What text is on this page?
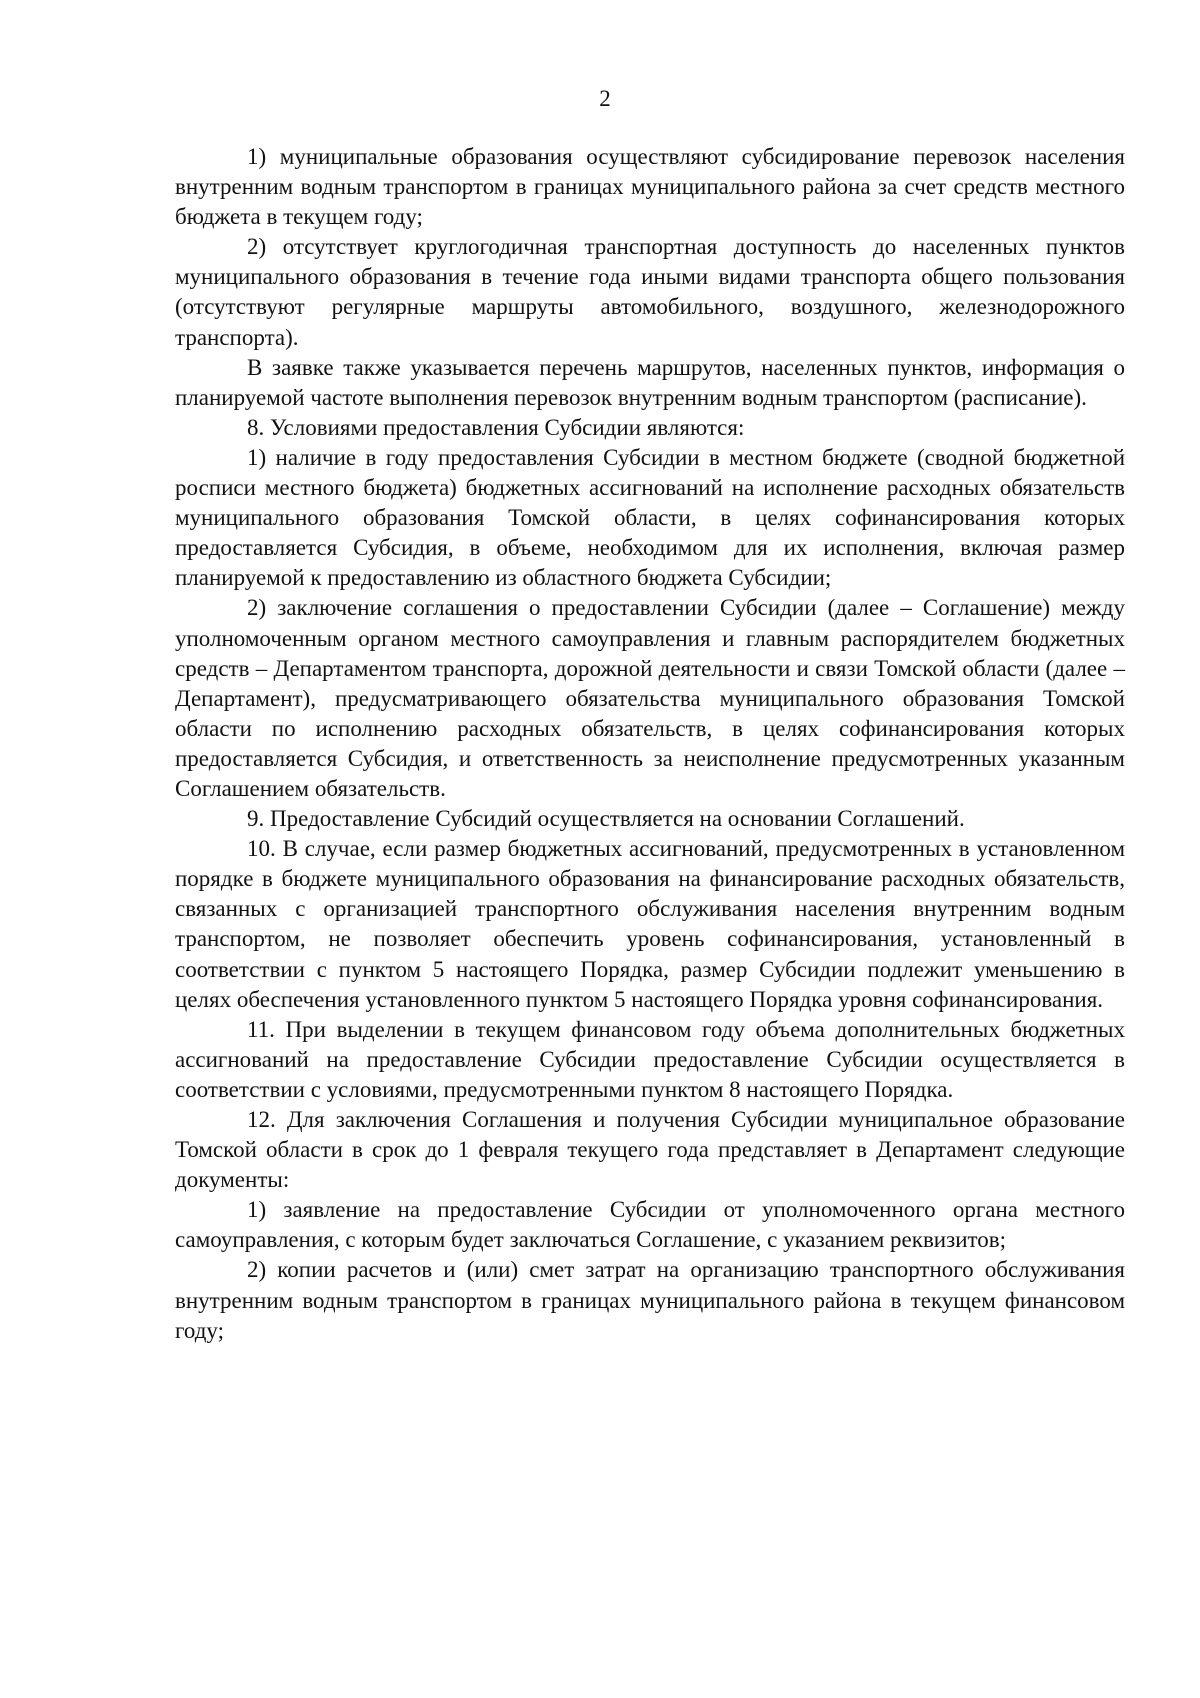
2

1) муниципальные образования осуществляют субсидирование перевозок населения внутренним водным транспортом в границах муниципального района за счет средств местного бюджета в текущем году;

2) отсутствует круглогодичная транспортная доступность до населенных пунктов муниципального образования в течение года иными видами транспорта общего пользования (отсутствуют регулярные маршруты автомобильного, воздушного, железнодорожного транспорта).

В заявке также указывается перечень маршрутов, населенных пунктов, информация о планируемой частоте выполнения перевозок внутренним водным транспортом (расписание).

8. Условиями предоставления Субсидии являются:

1) наличие в году предоставления Субсидии в местном бюджете (сводной бюджетной росписи местного бюджета) бюджетных ассигнований на исполнение расходных обязательств муниципального образования Томской области, в целях софинансирования которых предоставляется Субсидия, в объеме, необходимом для их исполнения, включая размер планируемой к предоставлению из областного бюджета Субсидии;

2) заключение соглашения о предоставлении Субсидии (далее – Соглашение) между уполномоченным органом местного самоуправления и главным распорядителем бюджетных средств – Департаментом транспорта, дорожной деятельности и связи Томской области (далее – Департамент), предусматривающего обязательства муниципального образования Томской области по исполнению расходных обязательств, в целях софинансирования которых предоставляется Субсидия, и ответственность за неисполнение предусмотренных указанным Соглашением обязательств.

9. Предоставление Субсидий осуществляется на основании Соглашений.

10. В случае, если размер бюджетных ассигнований, предусмотренных в установленном порядке в бюджете муниципального образования на финансирование расходных обязательств, связанных с организацией транспортного обслуживания населения внутренним водным транспортом, не позволяет обеспечить уровень софинансирования, установленный в соответствии с пунктом 5 настоящего Порядка, размер Субсидии подлежит уменьшению в целях обеспечения установленного пунктом 5 настоящего Порядка уровня софинансирования.

11. При выделении в текущем финансовом году объема дополнительных бюджетных ассигнований на предоставление Субсидии предоставление Субсидии осуществляется в соответствии с условиями, предусмотренными пунктом 8 настоящего Порядка.

12. Для заключения Соглашения и получения Субсидии муниципальное образование Томской области в срок до 1 февраля текущего года представляет в Департамент следующие документы:

1) заявление на предоставление Субсидии от уполномоченного органа местного самоуправления, с которым будет заключаться Соглашение, с указанием реквизитов;

2) копии расчетов и (или) смет затрат на организацию транспортного обслуживания внутренним водным транспортом в границах муниципального района в текущем финансовом году;
